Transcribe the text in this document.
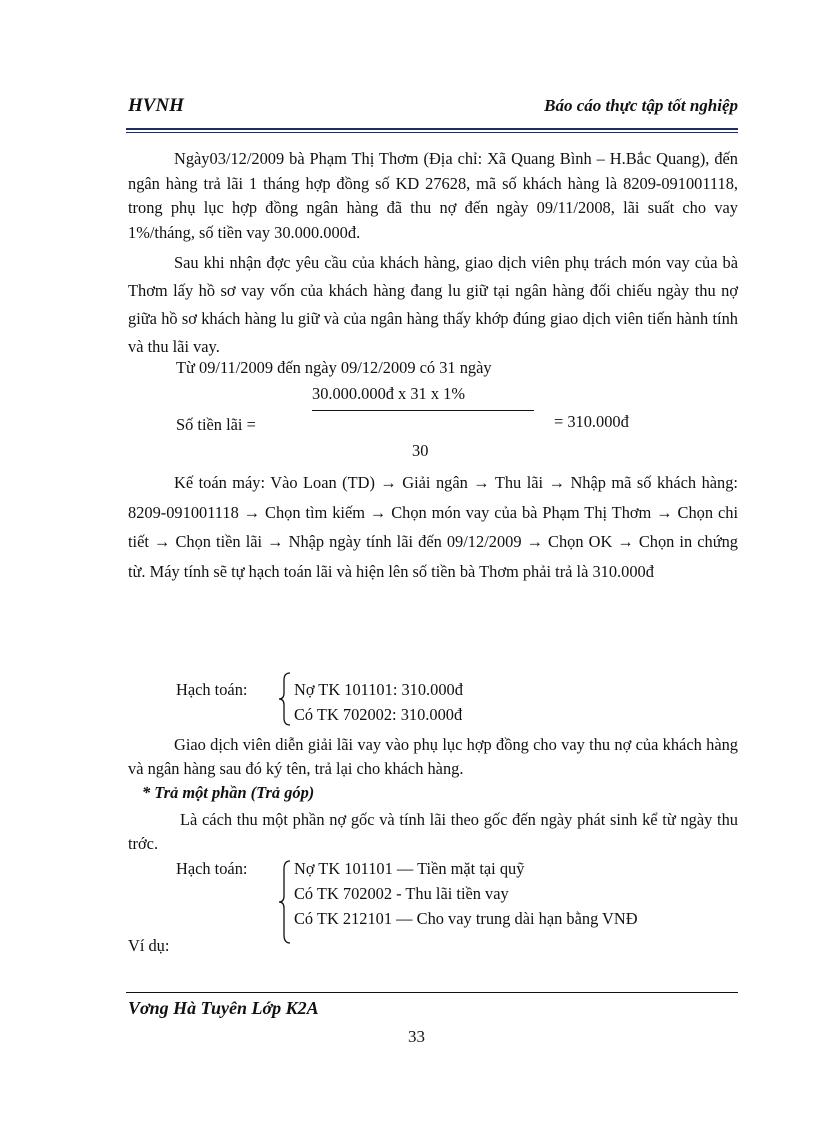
HVNH	Báo cáo thực tập tốt nghiệp

Ngày03/12/2009 bà Phạm Thị Thơm (Địa chỉ: Xã Quang Bình – H.Bắc Quang), đến ngân hàng trả lãi 1 tháng hợp đồng số KD 27628, mã số khách hàng là 8209-091001118, trong phụ lục hợp đồng ngân hàng đã thu nợ đến ngày 09/11/2008, lãi suất cho vay 1%/tháng, số tiền vay 30.000.000đ.

Sau khi nhận đợc yêu cầu của khách hàng, giao dịch viên phụ trách món vay của bà Thơm lấy hồ sơ vay vốn của khách hàng đang lu giữ tại ngân hàng đối chiếu ngày thu nợ giữa hồ sơ khách hàng lu giữ và của ngân hàng thấy khớp đúng giao dịch viên tiến hành tính và thu lãi vay.

Từ 09/11/2009 đến ngày 09/12/2009 có 31 ngày

30.000.000đ x 31 x 1%

Số tiền lãi =	= 310.000đ

30

Kế toán máy: Vào Loan (TD) → Giải ngân → Thu lãi → Nhập mã số khách hàng: 8209-091001118 → Chọn tìm kiếm → Chọn món vay của bà Phạm Thị Thơm → Chọn chi tiết → Chọn tiền lãi → Nhập ngày tính lãi đến 09/12/2009 → Chọn OK → Chọn in chứng từ. Máy tính sẽ tự hạch toán lãi và hiện lên số tiền bà Thơm phải trả là 310.000đ

Hạch toán:	Nợ TK 101101: 310.000đ

Có TK 702002: 310.000đ

Giao dịch viên diễn giải lãi vay vào phụ lục hợp đồng cho vay thu nợ của khách hàng và ngân hàng sau đó ký tên, trả lại cho khách hàng.

* Trả một phần (Trả góp)

Là cách thu một phần nợ gốc và tính lãi theo gốc đến ngày phát sinh kể từ ngày thu trớc.

Hạch toán:	Nợ TK 101101 — Tiền mặt tại quỹ

Có TK 702002 - Thu lãi tiền vay

Có TK 212101 — Cho vay trung dài hạn bằng VNĐ

Ví dụ:

Vơng Hà Tuyên Lớp K2A
33
